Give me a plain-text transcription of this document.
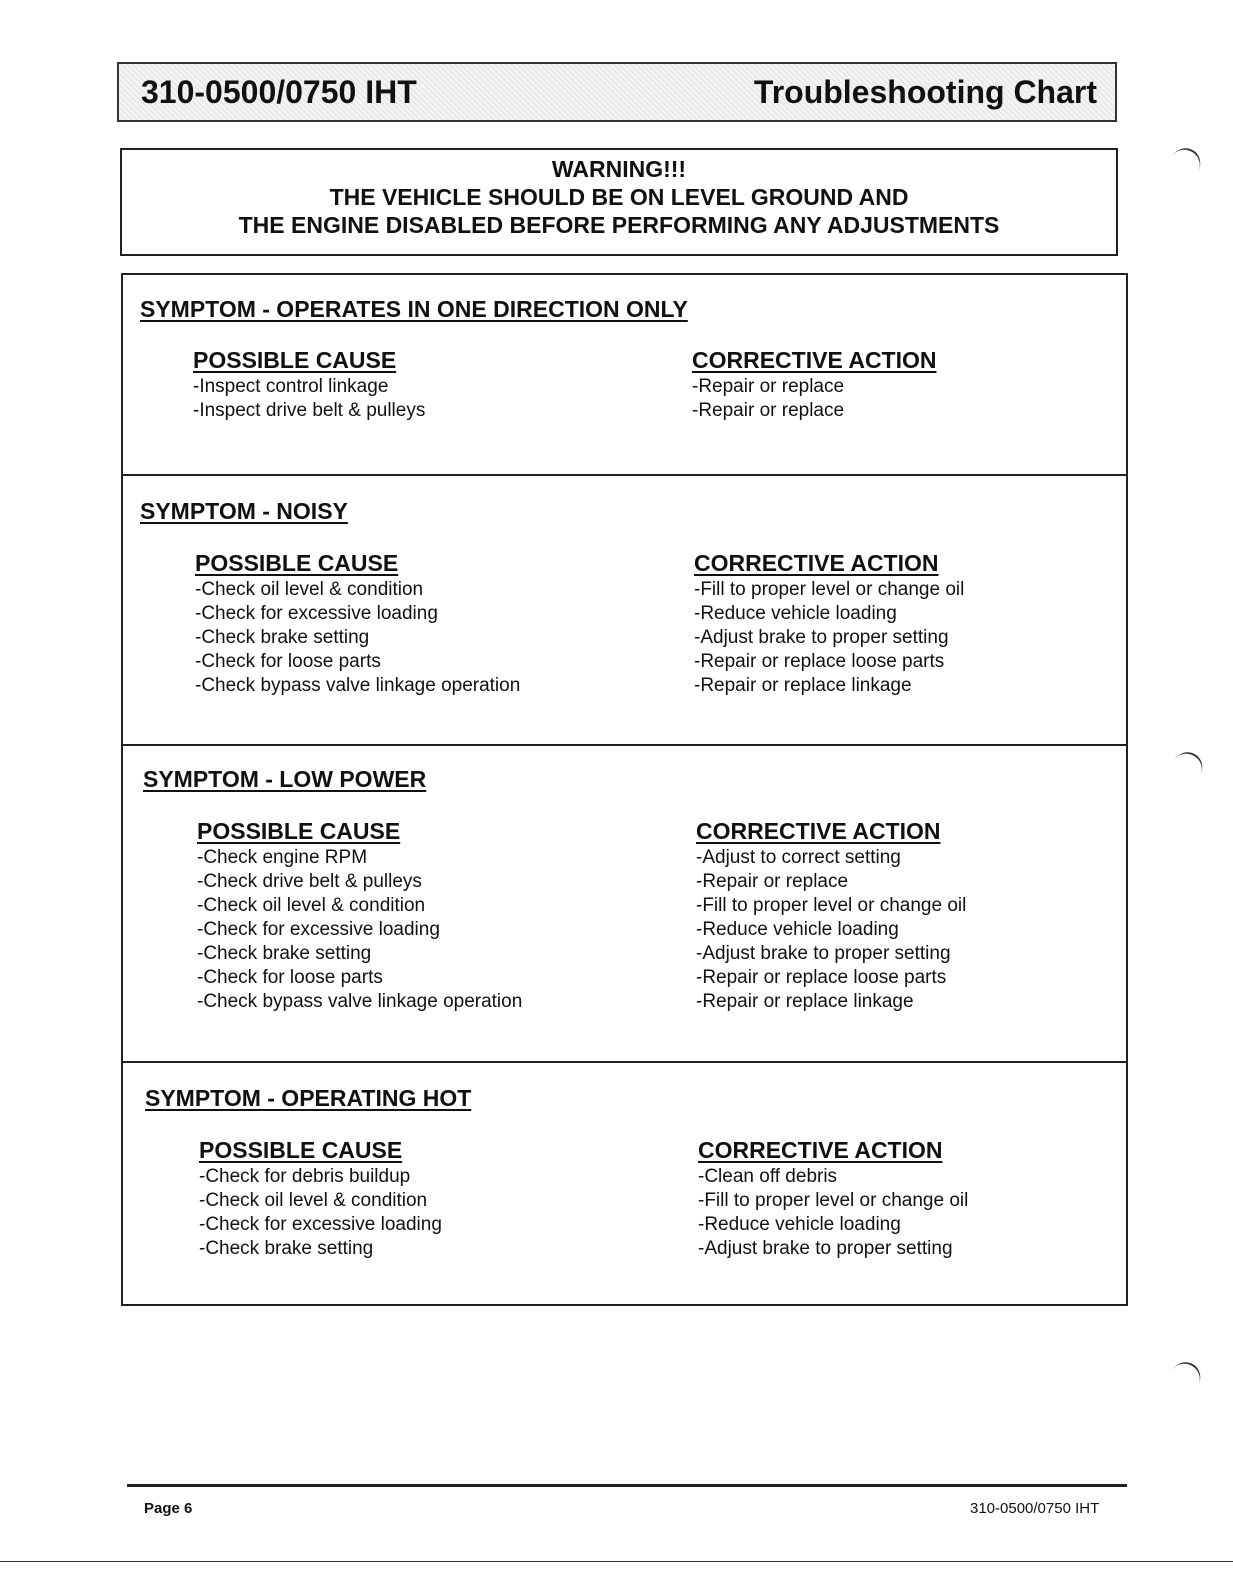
310-0500/0750 IHT	Troubleshooting Chart
WARNING!!!
THE VEHICLE SHOULD BE ON LEVEL GROUND AND
THE ENGINE DISABLED BEFORE PERFORMING ANY ADJUSTMENTS
SYMPTOM - OPERATES IN ONE DIRECTION ONLY
POSSIBLE CAUSE
-Inspect control linkage
-Inspect drive belt & pulleys
CORRECTIVE ACTION
-Repair or replace
-Repair or replace
SYMPTOM - NOISY
POSSIBLE CAUSE
-Check oil level & condition
-Check for excessive loading
-Check brake setting
-Check for loose parts
-Check bypass valve linkage operation
CORRECTIVE ACTION
-Fill to proper level or change oil
-Reduce vehicle loading
-Adjust brake to proper setting
-Repair or replace loose parts
-Repair or replace linkage
SYMPTOM - LOW POWER
POSSIBLE CAUSE
-Check engine RPM
-Check drive belt & pulleys
-Check oil level & condition
-Check for excessive loading
-Check brake setting
-Check for loose parts
-Check bypass valve linkage operation
CORRECTIVE ACTION
-Adjust to correct setting
-Repair or replace
-Fill to proper level or change oil
-Reduce vehicle loading
-Adjust brake to proper setting
-Repair or replace loose parts
-Repair or replace linkage
SYMPTOM - OPERATING HOT
POSSIBLE CAUSE
-Check for debris buildup
-Check oil level & condition
-Check for excessive loading
-Check brake setting
CORRECTIVE ACTION
-Clean off debris
-Fill to proper level or change oil
-Reduce vehicle loading
-Adjust brake to proper setting
Page 6	310-0500/0750 IHT
